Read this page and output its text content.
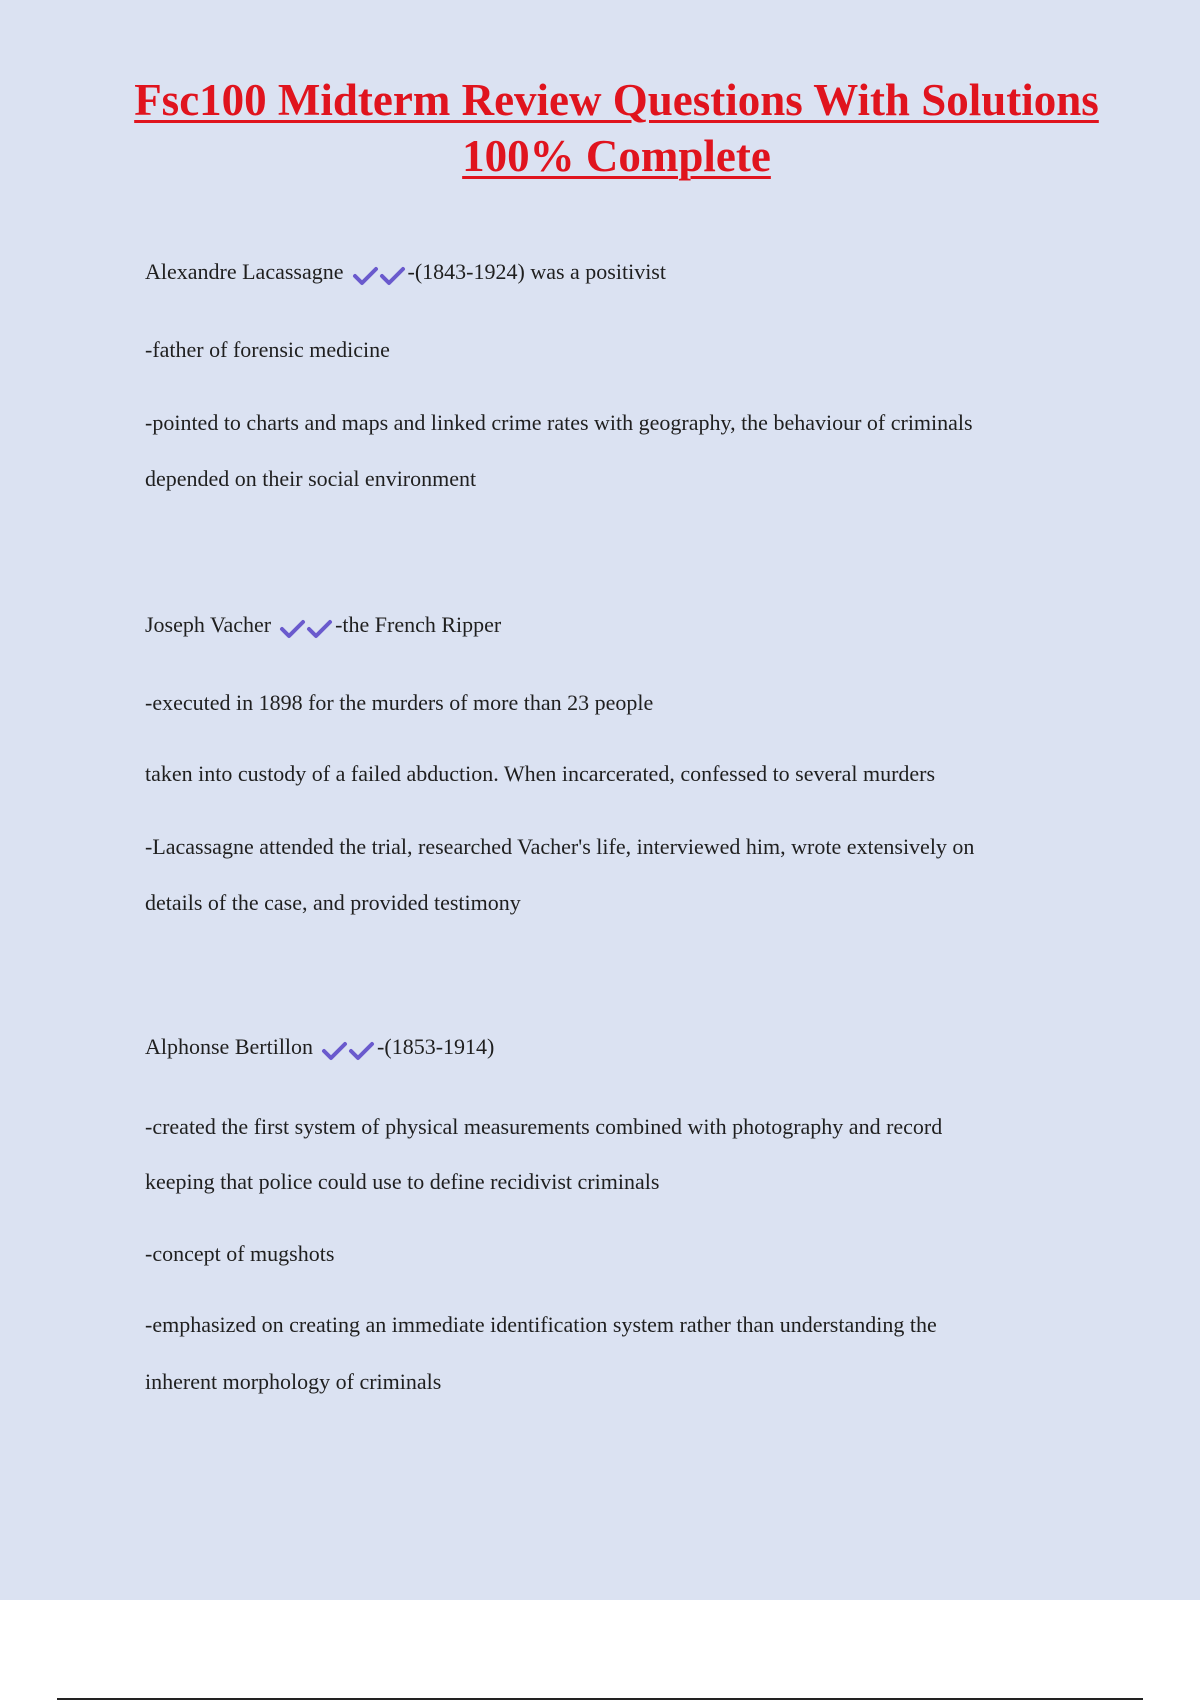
Fsc100 Midterm Review Questions With Solutions 100% Complete

Alexandre Lacassagne	-(1843-1924) was a positivist

-father of forensic medicine

-pointed to charts and maps and linked crime rates with geography, the behaviour of criminals

depended on their social environment

Joseph Vacher	-the French Ripper

-executed in 1898 for the murders of more than 23 people

taken into custody of a failed abduction. When incarcerated, confessed to several murders

-Lacassagne attended the trial, researched Vacher's life, interviewed him, wrote extensively on

details of the case, and provided testimony

Alphonse Bertillon	-(1853-1914)

-created the first system of physical measurements combined with photography and record

keeping that police could use to define recidivist criminals

-concept of mugshots

-emphasized on creating an immediate identification system rather than understanding the

inherent morphology of criminals
